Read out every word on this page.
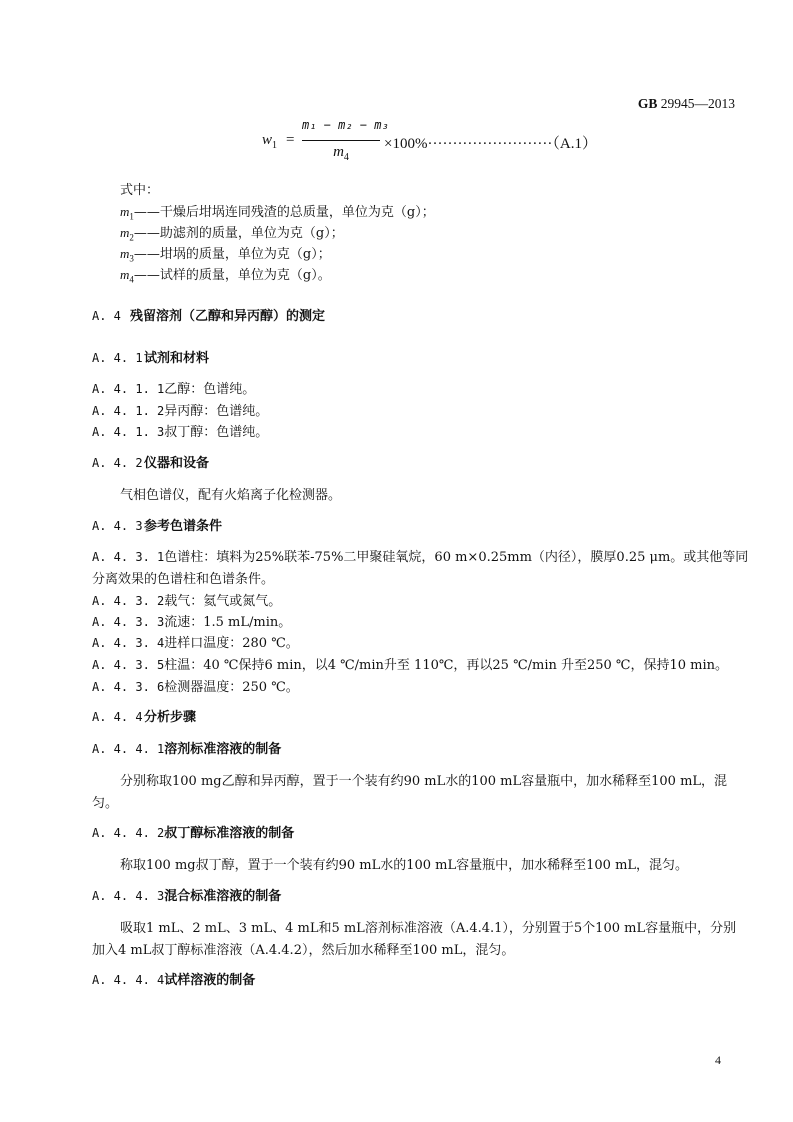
GB 29945—2013
$w_1$ =
m₁ − m₂ − m₃
$m_4$
×100%·························（A.1）
式中：
$m_1——$干燥后坩埚连同残渣的总质量，单位为克（g）；
$m_2——$助滤剂的质量，单位为克（g）；
$m_3——$坩埚的质量，单位为克（g）；
$m_4——$试样的质量，单位为克（g）。
A. 4 残留溶剂（乙醇和异丙醇）的测定
A. 4. 1试剂和材料
A. 4. 1. 1乙醇：色谱纯。
A. 4. 1. 2异丙醇：色谱纯。
A. 4. 1. 3叔丁醇：色谱纯。
A. 4. 2仪器和设备
气相色谱仪，配有火焰离子化检测器。
A. 4. 3参考色谱条件
A. 4. 3. 1色谱柱：填料为25%联苯-75%二甲聚硅氧烷，60 m×0.25mm（内径），膜厚0.25 μm。或其他等同
分离效果的色谱柱和色谱条件。
A. 4. 3. 2载气：氦气或氮气。
A. 4. 3. 3流速：1.5 mL/min。
A. 4. 3. 4进样口温度：280 ℃。
A. 4. 3. 5柱温：40 ℃保持6 min，以4 ℃/min升至 110℃，再以25 ℃/min 升至250 ℃，保持10 min。
A. 4. 3. 6检测器温度：250 ℃。
A. 4. 4分析步骤
A. 4. 4. 1溶剂标准溶液的制备
分别称取100 mg乙醇和异丙醇，置于一个装有约90 mL水的100 mL容量瓶中，加水稀释至100 mL，混
匀。
A. 4. 4. 2叔丁醇标准溶液的制备
称取100 mg叔丁醇，置于一个装有约90 mL水的100 mL容量瓶中，加水稀释至100 mL，混匀。
A. 4. 4. 3混合标准溶液的制备
吸取1 mL、2 mL、3 mL、4 mL和5 mL溶剂标准溶液（A.4.4.1），分别置于5个100 mL容量瓶中，分别
加入4 mL叔丁醇标准溶液（A.4.4.2），然后加水稀释至100 mL，混匀。
A. 4. 4. 4试样溶液的制备
4
